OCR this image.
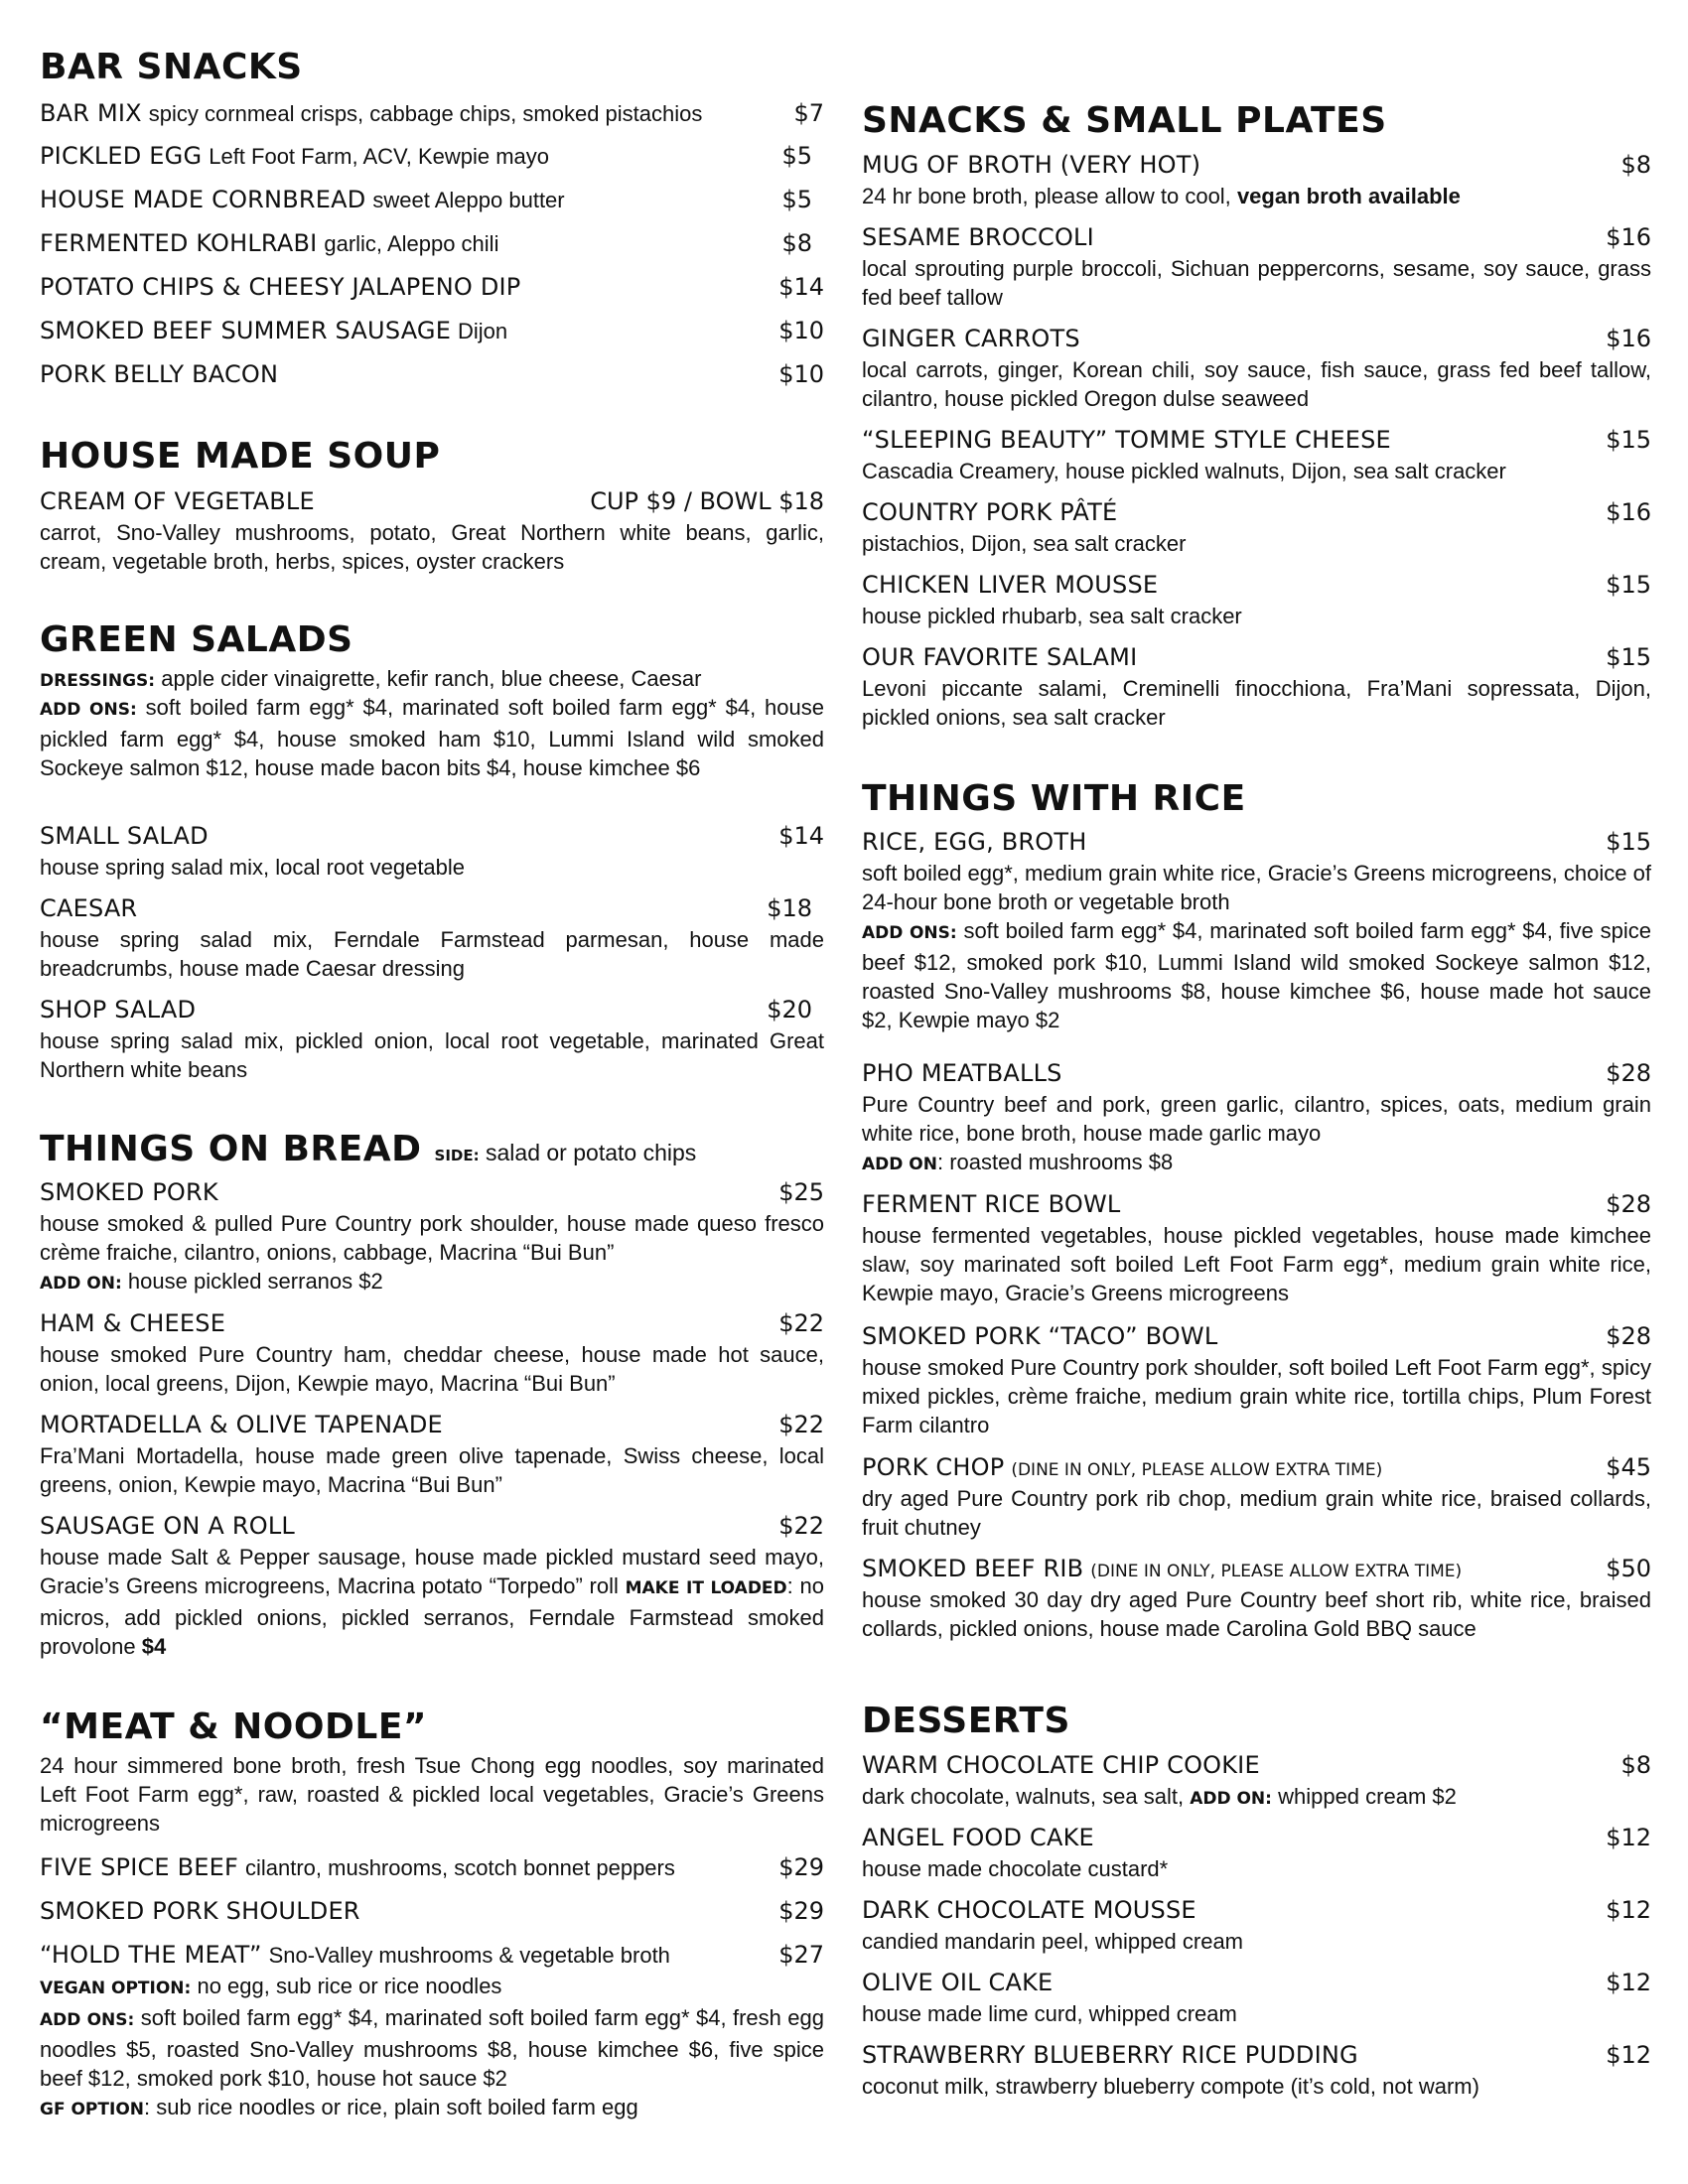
BAR SNACKS
BAR MIX spicy cornmeal crisps, cabbage chips, smoked pistachios	$7
PICKLED EGG Left Foot Farm, ACV, Kewpie mayo	$5
HOUSE MADE CORNBREAD sweet Aleppo butter	$5
FERMENTED KOHLRABI garlic, Aleppo chili	$8
POTATO CHIPS & CHEESY JALAPENO DIP	$14
SMOKED BEEF SUMMER SAUSAGE Dijon	$10
PORK BELLY BACON	$10
HOUSE MADE SOUP
CREAM OF VEGETABLE	CUP $9 / BOWL $18
carrot, Sno-Valley mushrooms, potato, Great Northern white beans, garlic, cream, vegetable broth, herbs, spices, oyster crackers
GREEN SALADS
DRESSINGS: apple cider vinaigrette, kefir ranch, blue cheese, Caesar
ADD ONS: soft boiled farm egg* $4, marinated soft boiled farm egg* $4, house pickled farm egg* $4, house smoked ham $10, Lummi Island wild smoked Sockeye salmon $12, house made bacon bits $4, house kimchee $6
SMALL SALAD	$14
house spring salad mix, local root vegetable
CAESAR	$18
house spring salad mix, Ferndale Farmstead parmesan, house made breadcrumbs, house made Caesar dressing
SHOP SALAD	$20
house spring salad mix, pickled onion, local root vegetable, marinated Great Northern white beans
THINGS ON BREAD SIDE: salad or potato chips
SMOKED PORK	$25
house smoked & pulled Pure Country pork shoulder, house made queso fresco crème fraiche, cilantro, onions, cabbage, Macrina “Bui Bun”
ADD ON: house pickled serranos $2
HAM & CHEESE	$22
house smoked Pure Country ham, cheddar cheese, house made hot sauce, onion, local greens, Dijon, Kewpie mayo, Macrina “Bui Bun”
MORTADELLA & OLIVE TAPENADE	$22
Fra’Mani Mortadella, house made green olive tapenade, Swiss cheese, local greens, onion, Kewpie mayo, Macrina “Bui Bun”
SAUSAGE ON A ROLL	$22
house made Salt & Pepper sausage, house made pickled mustard seed mayo, Gracie’s Greens microgreens, Macrina potato “Torpedo” roll MAKE IT LOADED: no micros, add pickled onions, pickled serranos, Ferndale Farmstead smoked provolone $4
“MEAT & NOODLE”
24 hour simmered bone broth, fresh Tsue Chong egg noodles, soy marinated Left Foot Farm egg*, raw, roasted & pickled local vegetables, Gracie’s Greens microgreens
FIVE SPICE BEEF cilantro, mushrooms, scotch bonnet peppers	$29
SMOKED PORK SHOULDER	$29
“HOLD THE MEAT” Sno-Valley mushrooms & vegetable broth	$27
VEGAN OPTION: no egg, sub rice or rice noodles
ADD ONS: soft boiled farm egg* $4, marinated soft boiled farm egg* $4, fresh egg noodles $5, roasted Sno-Valley mushrooms $8, house kimchee $6, five spice beef $12, smoked pork $10, house hot sauce $2
GF OPTION: sub rice noodles or rice, plain soft boiled farm egg
SNACKS & SMALL PLATES
MUG OF BROTH (VERY HOT)	$8
24 hr bone broth, please allow to cool, vegan broth available
SESAME BROCCOLI	$16
local sprouting purple broccoli, Sichuan peppercorns, sesame, soy sauce, grass fed beef tallow
GINGER CARROTS	$16
local carrots, ginger, Korean chili, soy sauce, fish sauce, grass fed beef tallow, cilantro, house pickled Oregon dulse seaweed
“SLEEPING BEAUTY” TOMME STYLE CHEESE	$15
Cascadia Creamery, house pickled walnuts, Dijon, sea salt cracker
COUNTRY PORK PÂTÉ	$16
pistachios, Dijon, sea salt cracker
CHICKEN LIVER MOUSSE	$15
house pickled rhubarb, sea salt cracker
OUR FAVORITE SALAMI	$15
Levoni piccante salami, Creminelli finocchiona, Fra’Mani sopressata, Dijon, pickled onions, sea salt cracker
THINGS WITH RICE
RICE, EGG, BROTH	$15
soft boiled egg*, medium grain white rice, Gracie’s Greens microgreens, choice of 24-hour bone broth or vegetable broth
ADD ONS: soft boiled farm egg* $4, marinated soft boiled farm egg* $4, five spice beef $12, smoked pork $10, Lummi Island wild smoked Sockeye salmon $12, roasted Sno-Valley mushrooms $8, house kimchee $6, house made hot sauce $2, Kewpie mayo $2
PHO MEATBALLS	$28
Pure Country beef and pork, green garlic, cilantro, spices, oats, medium grain white rice, bone broth, house made garlic mayo
ADD ON: roasted mushrooms $8
FERMENT RICE BOWL	$28
house fermented vegetables, house pickled vegetables, house made kimchee slaw, soy marinated soft boiled Left Foot Farm egg*, medium grain white rice, Kewpie mayo, Gracie’s Greens microgreens
SMOKED PORK “TACO” BOWL	$28
house smoked Pure Country pork shoulder, soft boiled Left Foot Farm egg*, spicy mixed pickles, crème fraiche, medium grain white rice, tortilla chips, Plum Forest Farm cilantro
PORK CHOP (DINE IN ONLY, PLEASE ALLOW EXTRA TIME)	$45
dry aged Pure Country pork rib chop, medium grain white rice, braised collards, fruit chutney
SMOKED BEEF RIB (DINE IN ONLY, PLEASE ALLOW EXTRA TIME)	$50
house smoked 30 day dry aged Pure Country beef short rib, white rice, braised collards, pickled onions, house made Carolina Gold BBQ sauce
DESSERTS
WARM CHOCOLATE CHIP COOKIE	$8
dark chocolate, walnuts, sea salt, ADD ON: whipped cream $2
ANGEL FOOD CAKE	$12
house made chocolate custard*
DARK CHOCOLATE MOUSSE	$12
candied mandarin peel, whipped cream
OLIVE OIL CAKE	$12
house made lime curd, whipped cream
STRAWBERRY BLUEBERRY RICE PUDDING	$12
coconut milk, strawberry blueberry compote (it’s cold, not warm)
